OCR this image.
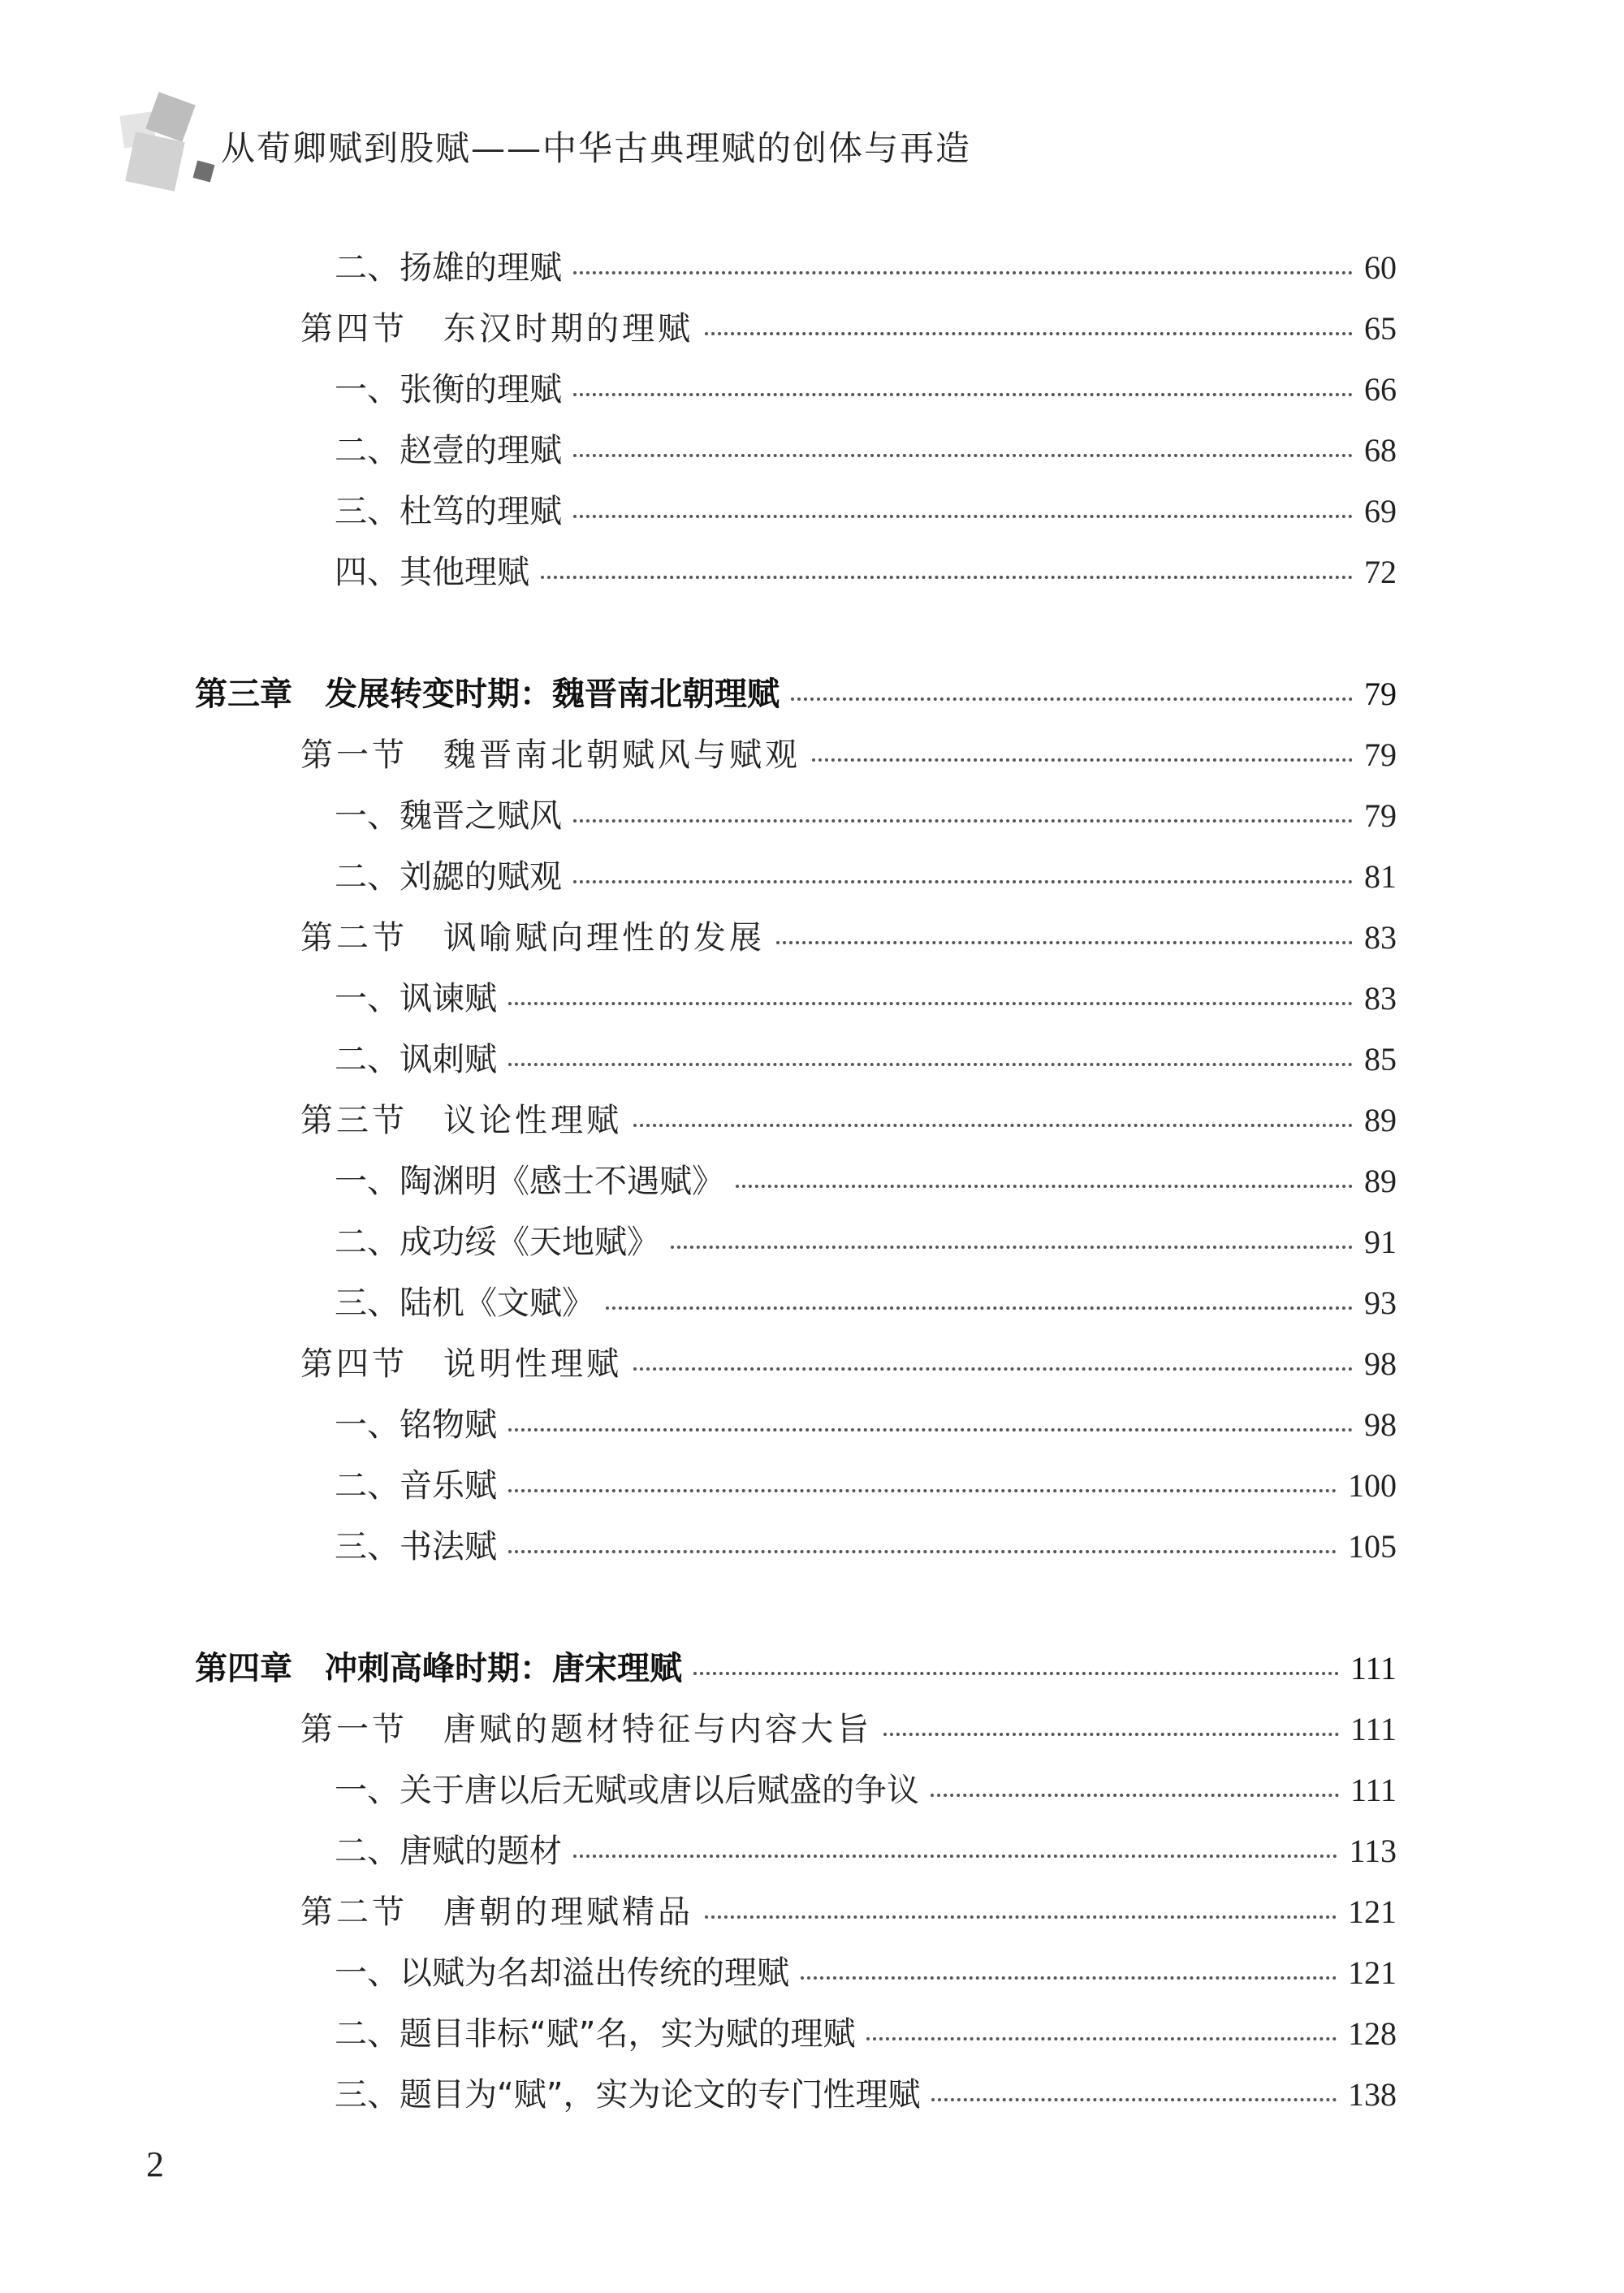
从荀卿赋到股赋——中华古典理赋的创体与再造
二、扬雄的理赋	60
第四节　东汉时期的理赋	65
一、张衡的理赋	66
二、赵壹的理赋	68
三、杜笃的理赋	69
四、其他理赋	72
第三章　发展转变时期：魏晋南北朝理赋	79
第一节　魏晋南北朝赋风与赋观	79
一、魏晋之赋风	79
二、刘勰的赋观	81
第二节　讽喻赋向理性的发展	83
一、讽谏赋	83
二、讽刺赋	85
第三节　议论性理赋	89
一、陶渊明《感士不遇赋》	89
二、成功绥《天地赋》	91
三、陆机《文赋》	93
第四节　说明性理赋	98
一、铭物赋	98
二、音乐赋	100
三、书法赋	105
第四章　冲刺高峰时期：唐宋理赋	111
第一节　唐赋的题材特征与内容大旨	111
一、关于唐以后无赋或唐以后赋盛的争议	111
二、唐赋的题材	113
第二节　唐朝的理赋精品	121
一、以赋为名却溢出传统的理赋	121
二、题目非标“赋”名，实为赋的理赋	128
三、题目为“赋”，实为论文的专门性理赋	138
2
